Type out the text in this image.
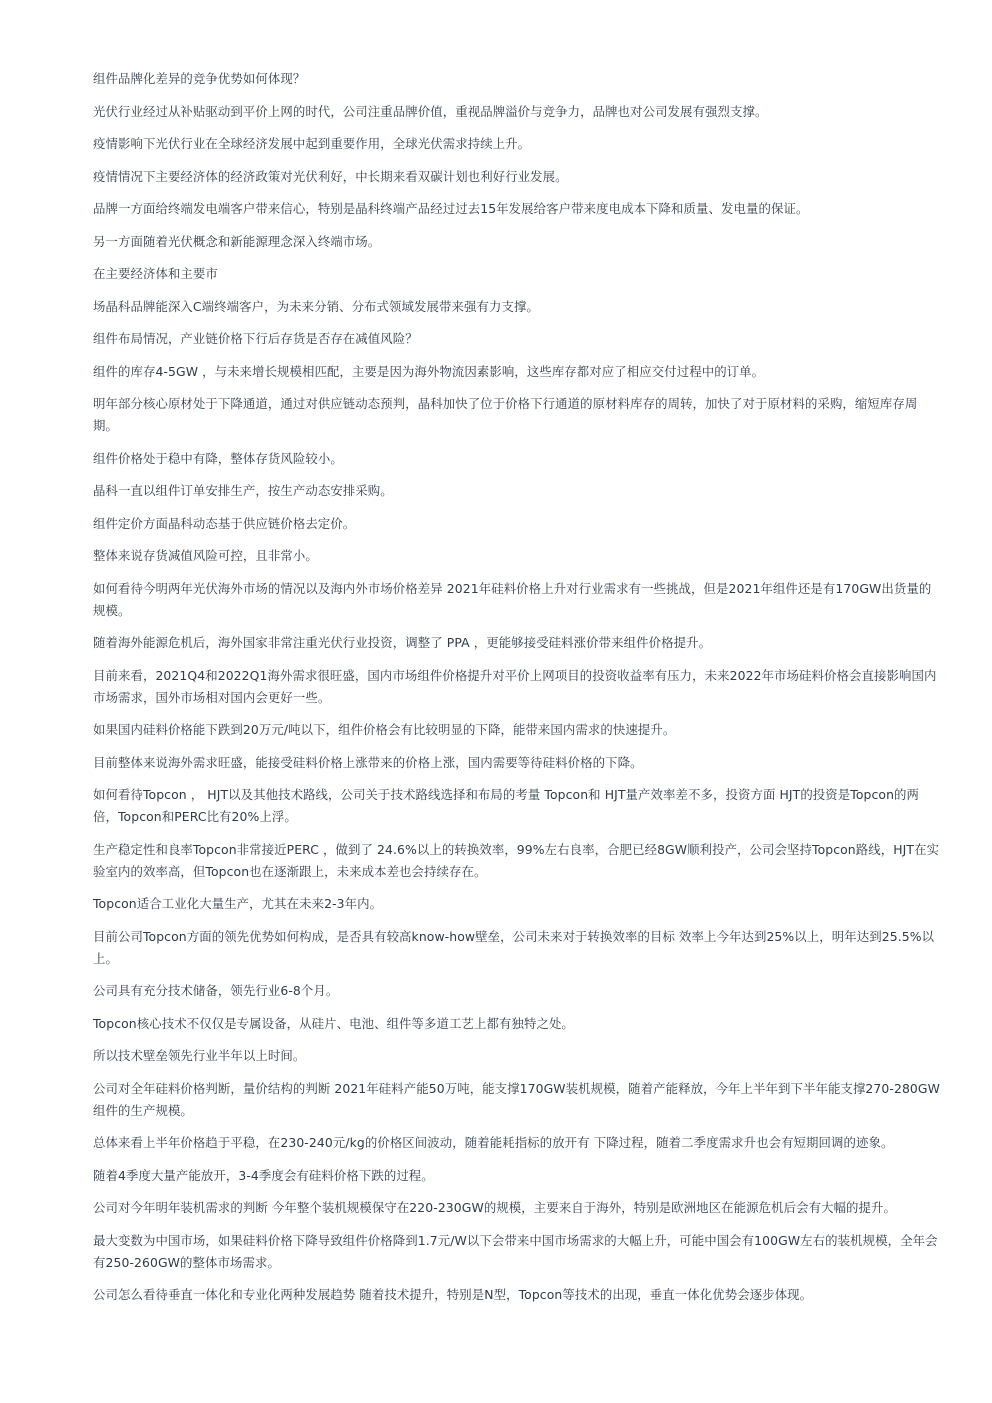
组件品牌化差异的竞争优势如何体现？

光伏行业经过从补贴驱动到平价上网的时代，公司注重品牌价值，重视品牌溢价与竞争力，品牌也对公司发展有强烈支撑。

疫情影响下光伏行业在全球经济发展中起到重要作用，全球光伏需求持续上升。

疫情情况下主要经济体的经济政策对光伏利好，中长期来看双碳计划也利好行业发展。

品牌一方面给终端发电端客户带来信心，特别是晶科终端产品经过过去15年发展给客户带来度电成本下降和质量、发电量的保证。

另一方面随着光伏概念和新能源理念深入终端市场。

在主要经济体和主要市

场晶科品牌能深入C端终端客户，为未来分销、分布式领域发展带来强有力支撑。

组件布局情况，产业链价格下行后存货是否存在减值风险？

组件的库存4-5GW ，与未来增长规模相匹配，主要是因为海外物流因素影响，这些库存都对应了相应交付过程中的订单。

明年部分核心原材处于下降通道，通过对供应链动态预判，晶科加快了位于价格下行通道的原材料库存的周转，加快了对于原材料的采购，缩短库存周期。

组件价格处于稳中有降，整体存货风险较小。

晶科一直以组件订单安排生产，按生产动态安排采购。

组件定价方面晶科动态基于供应链价格去定价。

整体来说存货减值风险可控，且非常小。

如何看待今明两年光伏海外市场的情况以及海内外市场价格差异 2021年硅料价格上升对行业需求有一些挑战，但是2021年组件还是有170GW出货量的规模。

随着海外能源危机后，海外国家非常注重光伏行业投资，调整了 PPA ，更能够接受硅料涨价带来组件价格提升。

目前来看，2021Q4和2022Q1海外需求很旺盛，国内市场组件价格提升对平价上网项目的投资收益率有压力，未来2022年市场硅料价格会直接影响国内市场需求，国外市场相对国内会更好一些。

如果国内硅料价格能下跌到20万元/吨以下，组件价格会有比较明显的下降，能带来国内需求的快速提升。

目前整体来说海外需求旺盛，能接受硅料价格上涨带来的价格上涨，国内需要等待硅料价格的下降。

如何看待Topcon ， HJT以及其他技术路线，公司关于技术路线选择和布局的考量 Topcon和 HJT量产效率差不多，投资方面 HJT的投资是Topcon的两倍，Topcon和PERC比有20%上浮。

生产稳定性和良率Topcon非常接近PERC ，做到了 24.6%以上的转换效率，99%左右良率，合肥已经8GW顺利投产，公司会坚持Topcon路线，HJT在实验室内的效率高，但Topcon也在逐渐跟上，未来成本差也会持续存在。

Topcon适合工业化大量生产，尤其在未来2-3年内。

目前公司Topcon方面的领先优势如何构成，是否具有较高know-how壁垒，公司未来对于转换效率的目标 效率上今年达到25%以上，明年达到25.5%以上。

公司具有充分技术储备，领先行业6-8个月。

Topcon核心技术不仅仅是专属设备，从硅片、电池、组件等多道工艺上都有独特之处。

所以技术壁垒领先行业半年以上时间。

公司对全年硅料价格判断，量价结构的判断 2021年硅料产能50万吨，能支撑170GW装机规模，随着产能释放，今年上半年到下半年能支撑270-280GW组件的生产规模。

总体来看上半年价格趋于平稳，在230-240元/kg的价格区间波动，随着能耗指标的放开有 下降过程，随着二季度需求升也会有短期回调的迹象。

随着4季度大量产能放开，3-4季度会有硅料价格下跌的过程。

公司对今年明年装机需求的判断 今年整个装机规模保守在220-230GW的规模，主要来自于海外，特别是欧洲地区在能源危机后会有大幅的提升。

最大变数为中国市场，如果硅料价格下降导致组件价格降到1.7元/W以下会带来中国市场需求的大幅上升，可能中国会有100GW左右的装机规模，全年会有250-260GW的整体市场需求。

公司怎么看待垂直一体化和专业化两种发展趋势 随着技术提升，特别是N型，Topcon等技术的出现，垂直一体化优势会逐步体现。
